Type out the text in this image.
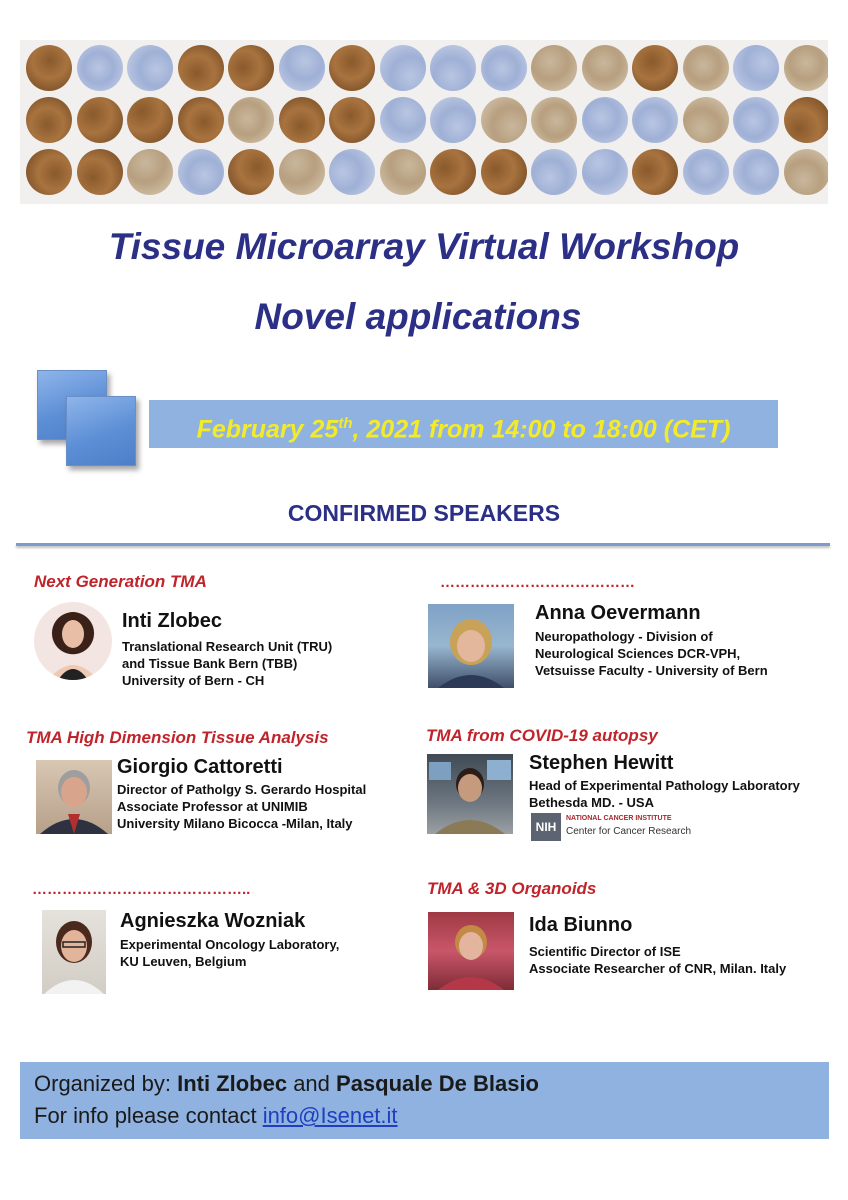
Tissue Microarray Virtual Workshop
Novel applications
February 25th, 2021 from 14:00 to 18:00 (CET)
CONFIRMED SPEAKERS
Next Generation TMA
Inti Zlobec
Translational Research Unit (TRU)
and Tissue Bank Bern (TBB)
University of Bern - CH
…………………………………
Anna Oevermann
Neuropathology - Division of
Neurological Sciences DCR-VPH,
Vetsuisse Faculty - University of Bern
TMA High Dimension Tissue Analysis
Giorgio Cattoretti
Director of Patholgy S. Gerardo Hospital
Associate Professor at UNIMIB
University Milano Bicocca -Milan, Italy
TMA from COVID-19 autopsy
Stephen Hewitt
Head of Experimental Pathology Laboratory
Bethesda MD. - USA
NIH
NATIONAL CANCER INSTITUTE
Center for Cancer Research
……………………………………..
Agnieszka Wozniak
Experimental Oncology Laboratory,
KU Leuven, Belgium
TMA & 3D Organoids
Ida Biunno
Scientific Director of ISE
Associate Researcher of CNR, Milan. Italy
Organized by: Inti Zlobec and Pasquale De Blasio
For info please contact info@Isenet.it
